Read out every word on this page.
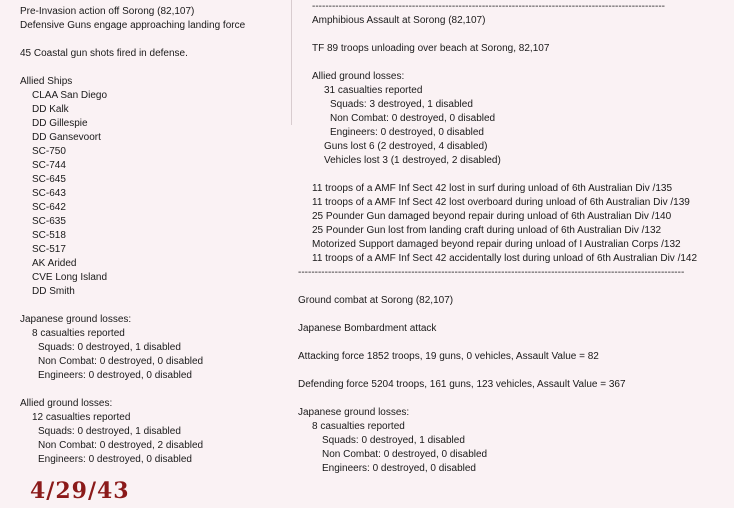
Pre-Invasion action off Sorong (82,107)
Defensive Guns engage approaching landing force
45 Coastal gun shots fired in defense.
Allied Ships
CLAA San Diego
DD Kalk
DD Gillespie
DD Gansevoort
SC-750
SC-744
SC-645
SC-643
SC-642
SC-635
SC-518
SC-517
AK Arided
CVE Long Island
DD Smith
Japanese ground losses:
8 casualties reported
Squads: 0 destroyed, 1 disabled
Non Combat: 0 destroyed, 0 disabled
Engineers: 0 destroyed, 0 disabled
Allied ground losses:
12 casualties reported
Squads: 0 destroyed, 1 disabled
Non Combat: 0 destroyed, 2 disabled
Engineers: 0 destroyed, 0 disabled
----------------------------------------------------------------------------------------------------------
Amphibious Assault at Sorong (82,107)
TF 89 troops unloading over beach at Sorong, 82,107
Allied ground losses:
31 casualties reported
Squads: 3 destroyed, 1 disabled
Non Combat: 0 destroyed, 0 disabled
Engineers: 0 destroyed, 0 disabled
Guns lost 6 (2 destroyed, 4 disabled)
Vehicles lost 3 (1 destroyed, 2 disabled)
11 troops of a AMF Inf Sect 42 lost in surf during unload of 6th Australian Div /135
11 troops of a AMF Inf Sect 42 lost overboard during unload of 6th Australian Div /139
25 Pounder Gun damaged beyond repair during unload of 6th Australian Div /140
25 Pounder Gun lost from landing craft during unload of 6th Australian Div /132
Motorized Support damaged beyond repair during unload of I Australian Corps /132
11 troops of a AMF Inf Sect 42 accidentally lost during unload of 6th Australian Div /142
--------------------------------------------------------------------------------------------------------------------
Ground combat at Sorong (82,107)
Japanese Bombardment attack
Attacking force 1852 troops, 19 guns, 0 vehicles, Assault Value = 82
Defending force 5204 troops, 161 guns, 123 vehicles, Assault Value = 367
Japanese ground losses:
8 casualties reported
Squads: 0 destroyed, 1 disabled
Non Combat: 0 destroyed, 0 disabled
Engineers: 0 destroyed, 0 disabled
4/29/43
